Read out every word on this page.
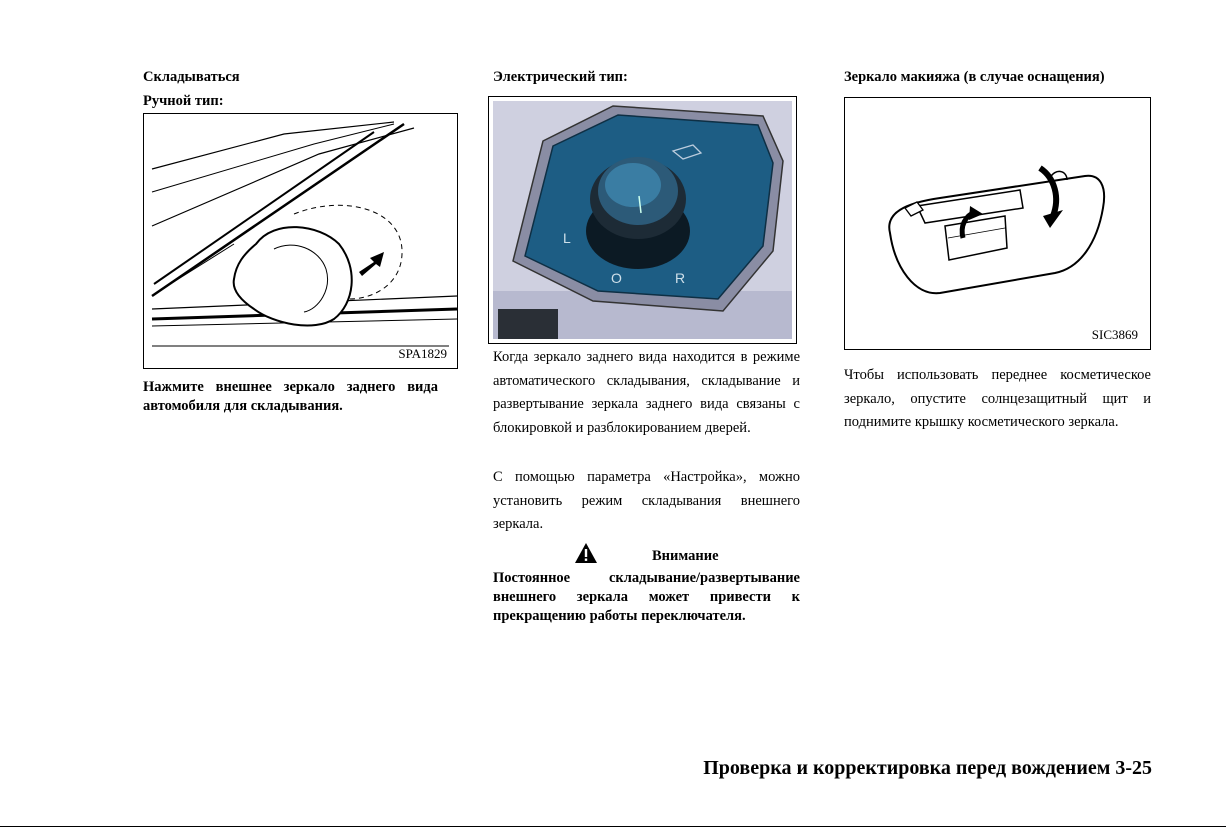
Складываться
Ручной тип:
SPA1829

Нажмите внешнее зеркало заднего вида автомобиля для складывания.

Электрический тип:
L
O	R

Когда зеркало заднего вида находится в режиме автоматического складывания, складывание и развертывание зеркала заднего вида связаны с блокировкой и разблокированием дверей.

С помощью параметра «Настройка», можно установить режим складывания внешнего зеркала.

Внимание

Постоянное складывание/развертывание внешнего зеркала может привести к прекращению работы переключателя.

Зеркало макияжа (в случае оснащения)
SIC3869

Чтобы использовать переднее косметическое зеркало, опустите солнцезащитный щит и поднимите крышку косметического зеркала.

Проверка и корректировка перед вождением 3-25
